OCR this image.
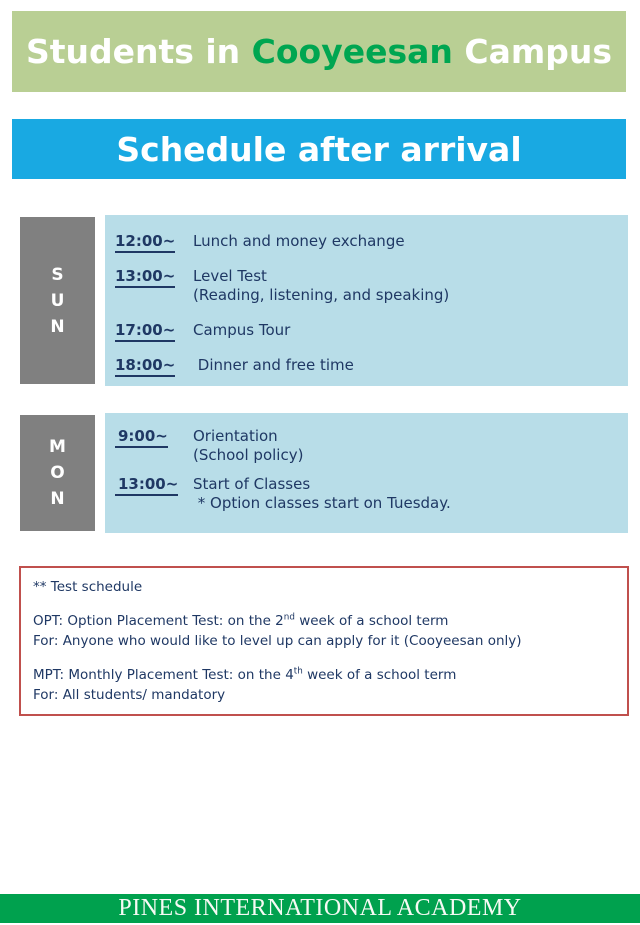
Students in Cooyeesan Campus
Schedule after arrival
S
U
N
12:00~	Lunch and money exchange
13:00~	Level Test
(Reading, listening, and speaking)
17:00~	Campus Tour
18:00~	Dinner and free time
M
O
N
9:00~	Orientation
(School policy)
13:00~ Start of Classes
* Option classes start on Tuesday.
** Test schedule
OPT: Option Placement Test: on the 2nd week of a school term
For: Anyone who would like to level up can apply for it (Cooyeesan only)
MPT: Monthly Placement Test: on the 4th week of a school term
For: All students/ mandatory
PINES INTERNATIONAL ACADEMY
